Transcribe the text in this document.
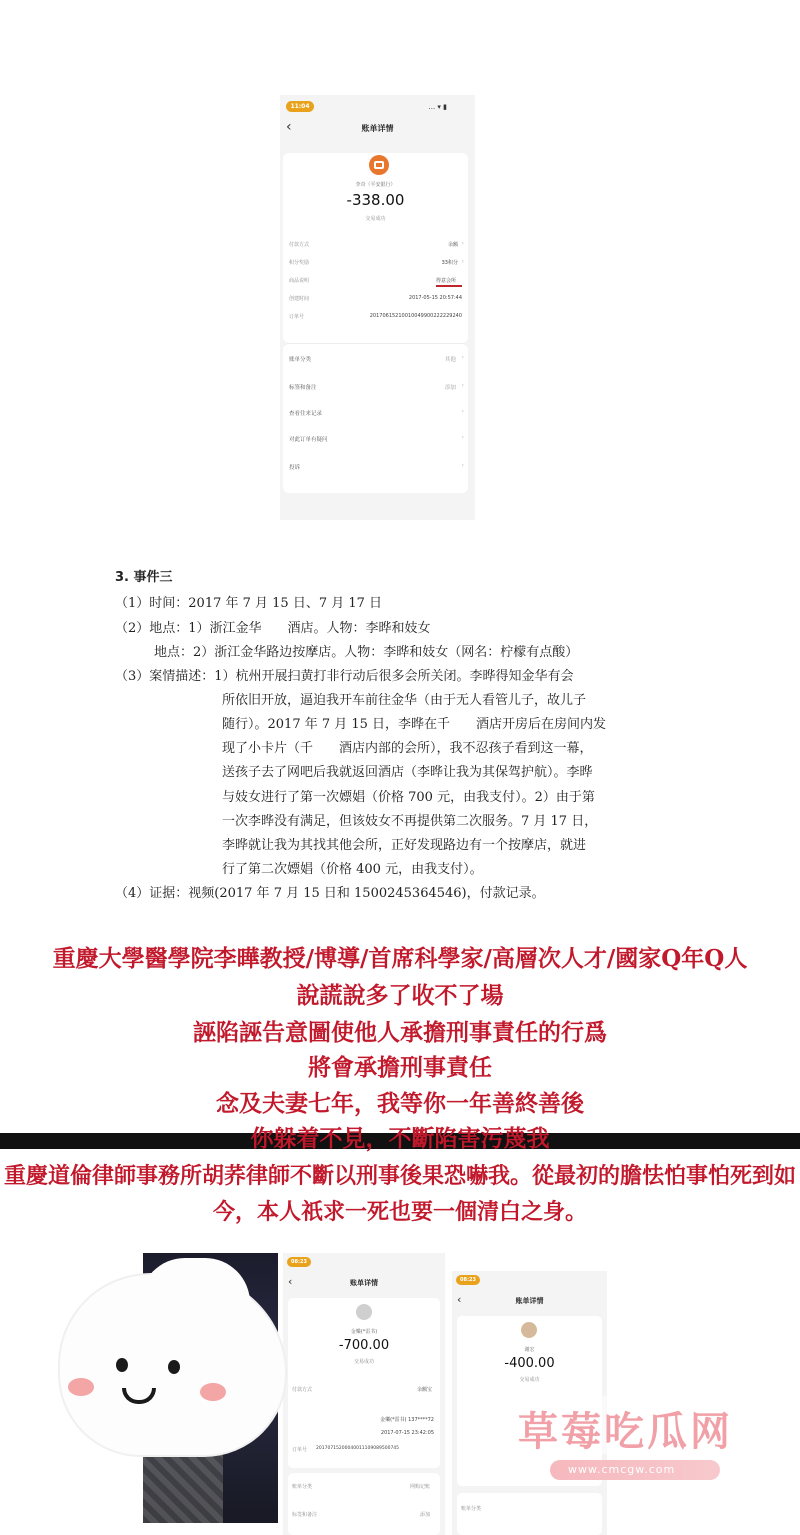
11:04	... ▾ ▮
‹	账单详情
李奇（平安银行）
-338.00
交易成功
付款方式	余额 ›
积分奖励	33积分 ›
商品说明	得意会所
创建时间	2017-05-15 20:57:44
订单号	20170615210010049900222229240
账单分类	其他 ›
标签和备注	添加 ›
查看往来记录	›
对此订单有疑问	›
投诉	›
3. 事件三
（1）时间：2017 年 7 月 15 日、7 月 17 日
（2）地点：1）浙江金华　　酒店。人物：李晔和妓女
　　　地点：2）浙江金华路边按摩店。人物：李晔和妓女（网名：柠檬有点酸）
（3）案情描述：1）杭州开展扫黄打非行动后很多会所关闭。李晔得知金华有会
所依旧开放，逼迫我开车前往金华（由于无人看管儿子，故儿子
随行）。2017 年 7 月 15 日，李晔在千　　酒店开房后在房间内发
现了小卡片（千　　酒店内部的会所），我不忍孩子看到这一幕，
送孩子去了网吧后我就返回酒店（李晔让我为其保驾护航）。李晔
与妓女进行了第一次嫖娼（价格 700 元，由我支付）。2）由于第
一次李晔没有满足，但该妓女不再提供第二次服务。7 月 17 日，
李晔就让我为其找其他会所，正好发现路边有一个按摩店，就进
行了第二次嫖娼（价格 400 元，由我支付）。
（4）证据：视频(2017 年 7 月 15 日和 1500245364546)，付款记录。
重慶大學醫學院李曄教授/博導/首席科學家/高層次人才/國家Q年Q人
說謊說多了收不了場
誣陷誣告意圖使他人承擔刑事責任的行爲
將會承擔刑事責任
念及夫妻七年，我等你一年善終善後
你躲着不見，不斷陷害污蔑我
重慶道倫律師事務所胡荞律師不斷以刑事後果恐嚇我。從最初的膽怯怕事怕死到如
今，本人祇求一死也要一個清白之身。
08:23
‹	账单详情
金樂(*雷书)
-700.00
交易成功
付款方式	余额宝
金樂(*雷书) 137****72
2017-07-15 23:42:05
订单号 20170715200040011109089500745
账单分类	网购记账
标签和备注	添加
08:23
‹	账单详情
谢宏
-400.00
交易成功
账单分类
草莓吃瓜网
www.cmcgw.com
